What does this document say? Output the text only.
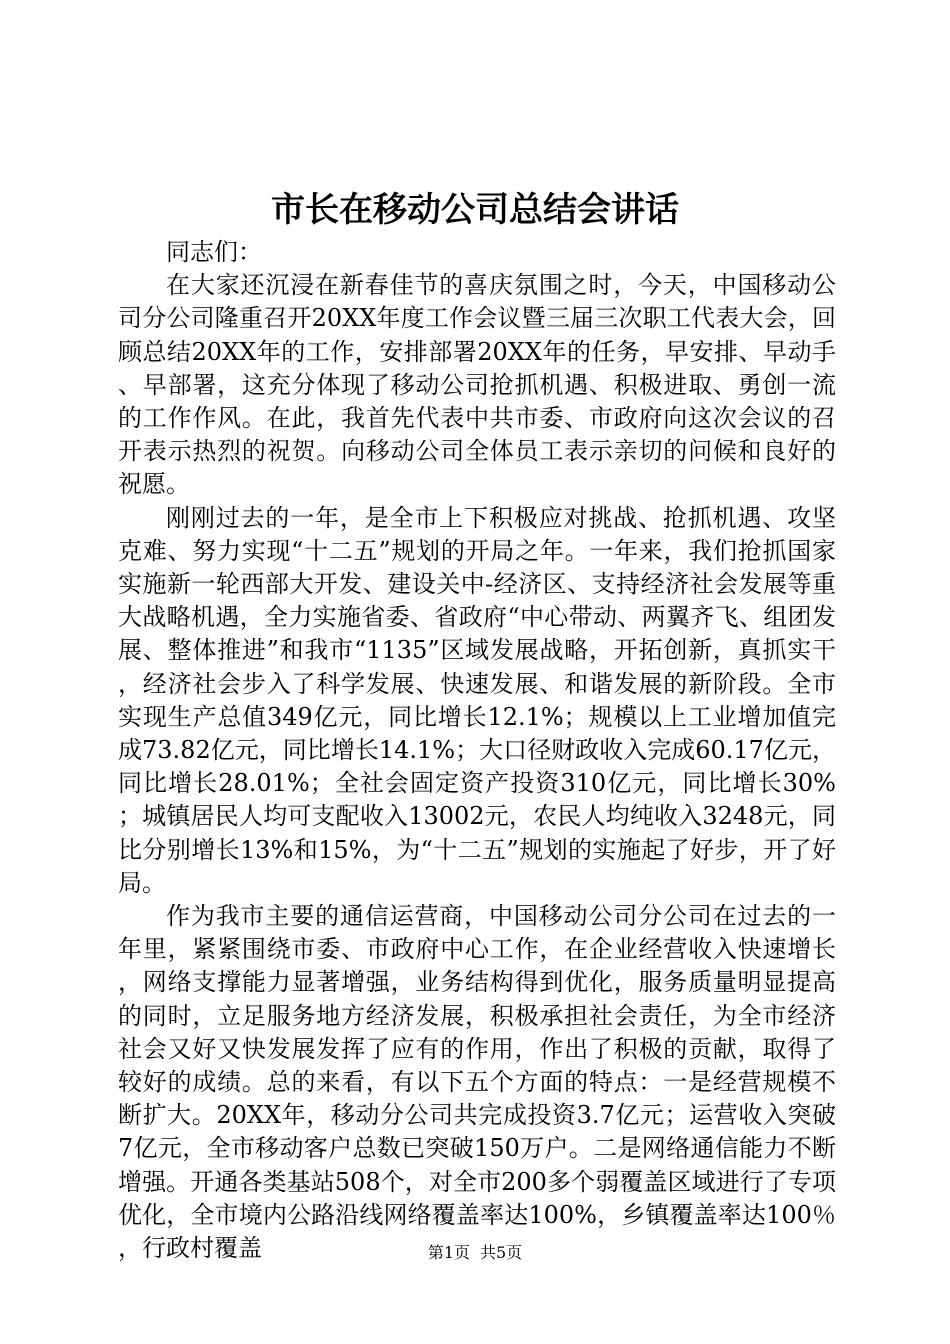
市长在移动公司总结会讲话

同志们：

在大家还沉浸在新春佳节的喜庆氛围之时，今天，中国移动公司分公司隆重召开20XX年度工作会议暨三届三次职工代表大会，回顾总结20XX年的工作，安排部署20XX年的任务，早安排、早动手、早部署，这充分体现了移动公司抢抓机遇、积极进取、勇创一流的工作作风。在此，我首先代表中共市委、市政府向这次会议的召开表示热烈的祝贺。向移动公司全体员工表示亲切的问候和良好的祝愿。

刚刚过去的一年，是全市上下积极应对挑战、抢抓机遇、攻坚克难、努力实现“十二五”规划的开局之年。一年来，我们抢抓国家实施新一轮西部大开发、建设关中-经济区、支持经济社会发展等重大战略机遇，全力实施省委、省政府“中心带动、两翼齐飞、组团发展、整体推进”和我市“1135”区域发展战略，开拓创新，真抓实干，经济社会步入了科学发展、快速发展、和谐发展的新阶段。全市实现生产总值349亿元，同比增长12.1%；规模以上工业增加值完成73.82亿元，同比增长14.1%；大口径财政收入完成60.17亿元，同比增长28.01%；全社会固定资产投资310亿元，同比增长30%；城镇居民人均可支配收入13002元，农民人均纯收入3248元，同比分别增长13%和15%，为“十二五”规划的实施起了好步，开了好局。

作为我市主要的通信运营商，中国移动公司分公司在过去的一年里，紧紧围绕市委、市政府中心工作，在企业经营收入快速增长，网络支撑能力显著增强，业务结构得到优化，服务质量明显提高的同时，立足服务地方经济发展，积极承担社会责任，为全市经济社会又好又快发展发挥了应有的作用，作出了积极的贡献，取得了较好的成绩。总的来看，有以下五个方面的特点：一是经营规模不断扩大。20XX年，移动分公司共完成投资3.7亿元；运营收入突破7亿元，全市移动客户总数已突破150万户。二是网络通信能力不断增强。开通各类基站508个，对全市200多个弱覆盖区域进行了专项优化，全市境内公路沿线网络覆盖率达100%，乡镇覆盖率达100％，行政村覆盖	第1页 共5页
